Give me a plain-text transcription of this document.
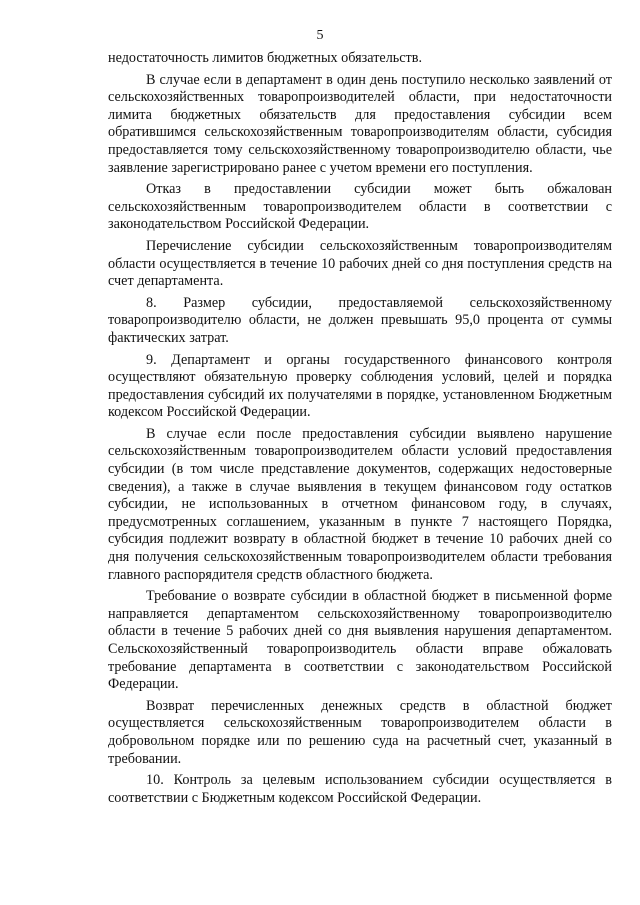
5

недостаточность лимитов бюджетных обязательств.

В случае если в департамент в один день поступило несколько заявлений от сельскохозяйственных товаропроизводителей области, при недостаточности лимита бюджетных обязательств для предоставления субсидии всем обратившимся сельскохозяйственным товаропроизводителям области, субсидия предоставляется тому сельскохозяйственному товаропроизводителю области, чье заявление зарегистрировано ранее с учетом времени его поступления.

Отказ в предоставлении субсидии может быть обжалован сельскохозяйственным товаропроизводителем области в соответствии с законодательством Российской Федерации.

Перечисление субсидии сельскохозяйственным товаропроизводителям области осуществляется в течение 10 рабочих дней со дня поступления средств на счет департамента.

8. Размер субсидии, предоставляемой сельскохозяйственному товаропроизводителю области, не должен превышать 95,0 процента от суммы фактических затрат.

9. Департамент и органы государственного финансового контроля осуществляют обязательную проверку соблюдения условий, целей и порядка предоставления субсидий их получателями в порядке, установленном Бюджетным кодексом Российской Федерации.

В случае если после предоставления субсидии выявлено нарушение сельскохозяйственным товаропроизводителем области условий предоставления субсидии (в том числе представление документов, содержащих недостоверные сведения), а также в случае выявления в текущем финансовом году остатков субсидии, не использованных в отчетном финансовом году, в случаях, предусмотренных соглашением, указанным в пункте 7 настоящего Порядка, субсидия подлежит возврату в областной бюджет в течение 10 рабочих дней со дня получения сельскохозяйственным товаропроизводителем области требования главного распорядителя средств областного бюджета.

Требование о возврате субсидии в областной бюджет в письменной форме направляется департаментом сельскохозяйственному товаропроизводителю области в течение 5 рабочих дней со дня выявления нарушения департаментом. Сельскохозяйственный товаропроизводитель области вправе обжаловать требование департамента в соответствии с законодательством Российской Федерации.

Возврат перечисленных денежных средств в областной бюджет осуществляется сельскохозяйственным товаропроизводителем области в добровольном порядке или по решению суда на расчетный счет, указанный в требовании.

10. Контроль за целевым использованием субсидии осуществляется в соответствии с Бюджетным кодексом Российской Федерации.
